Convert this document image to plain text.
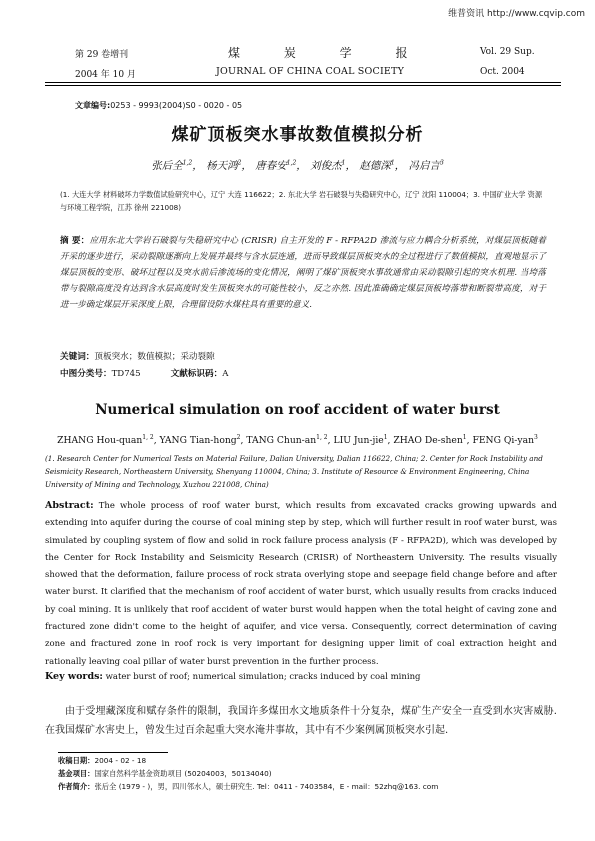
维普资讯 http://www.cqvip.com
第 29 卷增刊	煤 炭 学 报	Vol. 29 Sup.
2004 年 10 月	JOURNAL OF CHINA COAL SOCIETY	Oct. 2004
文章编号:0253 - 9993(2004)S0 - 0020 - 05
煤矿顶板突水事故数值模拟分析
张后全$^{1,2}$， 杨天鸿$^2$， 唐春安$^{1,2}$， 刘俊杰$^1$， 赵德深$^1$， 冯启言$^3$
(1. 大连大学 材料破坏力学数值试验研究中心，辽宁 大连 116622；2. 东北大学 岩石破裂与失稳研究中心，辽宁 沈阳 110004；3. 中国矿业大学 资源与环境工程学院，江苏 徐州 221008)
摘 要：应用东北大学岩石破裂与失稳研究中心 (CRISR) 自主开发的 F - RFPA2D 渗流与应力耦合分析系统，对煤层顶板随着开采的逐步进行，采动裂隙逐渐向上发展并最终与含水层连通，进而导致煤层顶板突水的全过程进行了数值模拟，直观地显示了煤层顶板的变形、破坏过程以及突水前后渗流场的变化情况，阐明了煤矿顶板突水事故通常由采动裂隙引起的突水机理. 当垮落带与裂隙高度没有达到含水层高度时发生顶板突水的可能性较小，反之亦然. 因此准确确定煤层顶板垮落带和断裂带高度，对于进一步确定煤层开采深度上限，合理留设防水煤柱具有重要的意义.
关键词：顶板突水；数值模拟；采动裂隙
中图分类号：TD745	文献标识码：A
Numerical simulation on roof accident of water burst
ZHANG Hou-quan$^{1, 2}$, YANG Tian-hong$^2$, TANG Chun-an$^{1, 2}$, LIU Jun-jie$^1$, ZHAO De-shen$^1$, FENG Qi-yan$^3$
(1. Research Center for Numerical Tests on Material Failure, Dalian University, Dalian 116622, China; 2. Center for Rock Instability and Seismicity Research, Northeastern University, Shenyang 110004, China; 3. Institute of Resource & Environment Engineering, China University of Mining and Technology, Xuzhou 221008, China)
Abstract: The whole process of roof water burst, which results from excavated cracks growing upwards and extending into aquifer during the course of coal mining step by step, which will further result in roof water burst, was simulated by coupling system of flow and solid in rock failure process analysis (F - RFPA2D), which was developed by the Center for Rock Instability and Seismicity Research (CRISR) of Northeastern University. The results visually showed that the deformation, failure process of rock strata overlying stope and seepage field change before and after water burst. It clarified that the mechanism of roof accident of water burst, which usually results from cracks induced by coal mining. It is unlikely that roof accident of water burst would happen when the total height of caving zone and fractured zone didn't come to the height of aquifer, and vice versa. Consequently, correct determination of caving zone and fractured zone in roof rock is very important for designing upper limit of coal extraction height and rationally leaving coal pillar of water burst prevention in the further process.
Key words: water burst of roof; numerical simulation; cracks induced by coal mining
由于受埋藏深度和赋存条件的限制，我国许多煤田水文地质条件十分复杂，煤矿生产安全一直受到水灾害威胁. 在我国煤矿水害史上，曾发生过百余起重大突水淹井事故，其中有不少案例属顶板突水引起.
收稿日期：2004 - 02 - 18
基金项目：国家自然科学基金资助项目 (50204003，50134040)
作者简介：张后全 (1979 - )，男，四川邻水人，硕士研究生. Tel：0411 - 7403584，E - mail：52zhq@163. com
